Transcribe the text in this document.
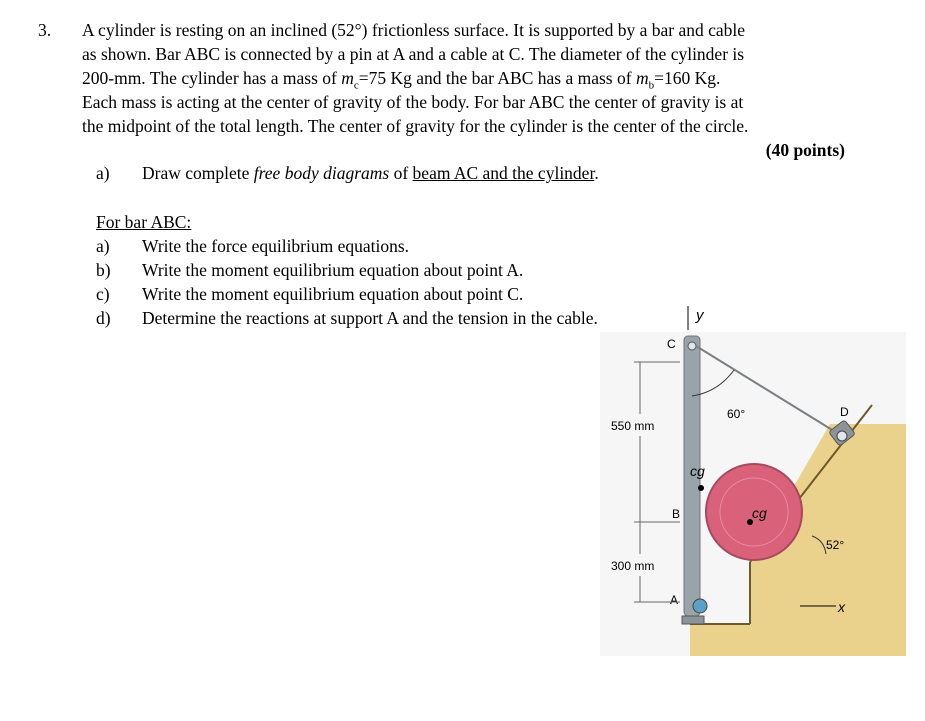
3. A cylinder is resting on an inclined (52°) frictionless surface. It is supported by a bar and cable
as shown. Bar ABC is connected by a pin at A and a cable at C. The diameter of the cylinder is
200-mm. The cylinder has a mass of $m_c=75$ Kg and the bar ABC has a mass of $m_b=160$ Kg.
Each mass is acting at the center of gravity of the body. For bar ABC the center of gravity is at
the midpoint of the total length. The center of gravity for the cylinder is the center of the circle.
(40 points)
a) Draw complete free body diagrams of beam AC and the cylinder.
For bar ABC:
a) Write the force equilibrium equations.
b) Write the moment equilibrium equation about point A.
c) Write the moment equilibrium equation about point C.
d) Determine the reactions at support A and the tension in the cable.	y
60°	D
cg
cg
C
B
A
52°
x
550 mm
300 mm
